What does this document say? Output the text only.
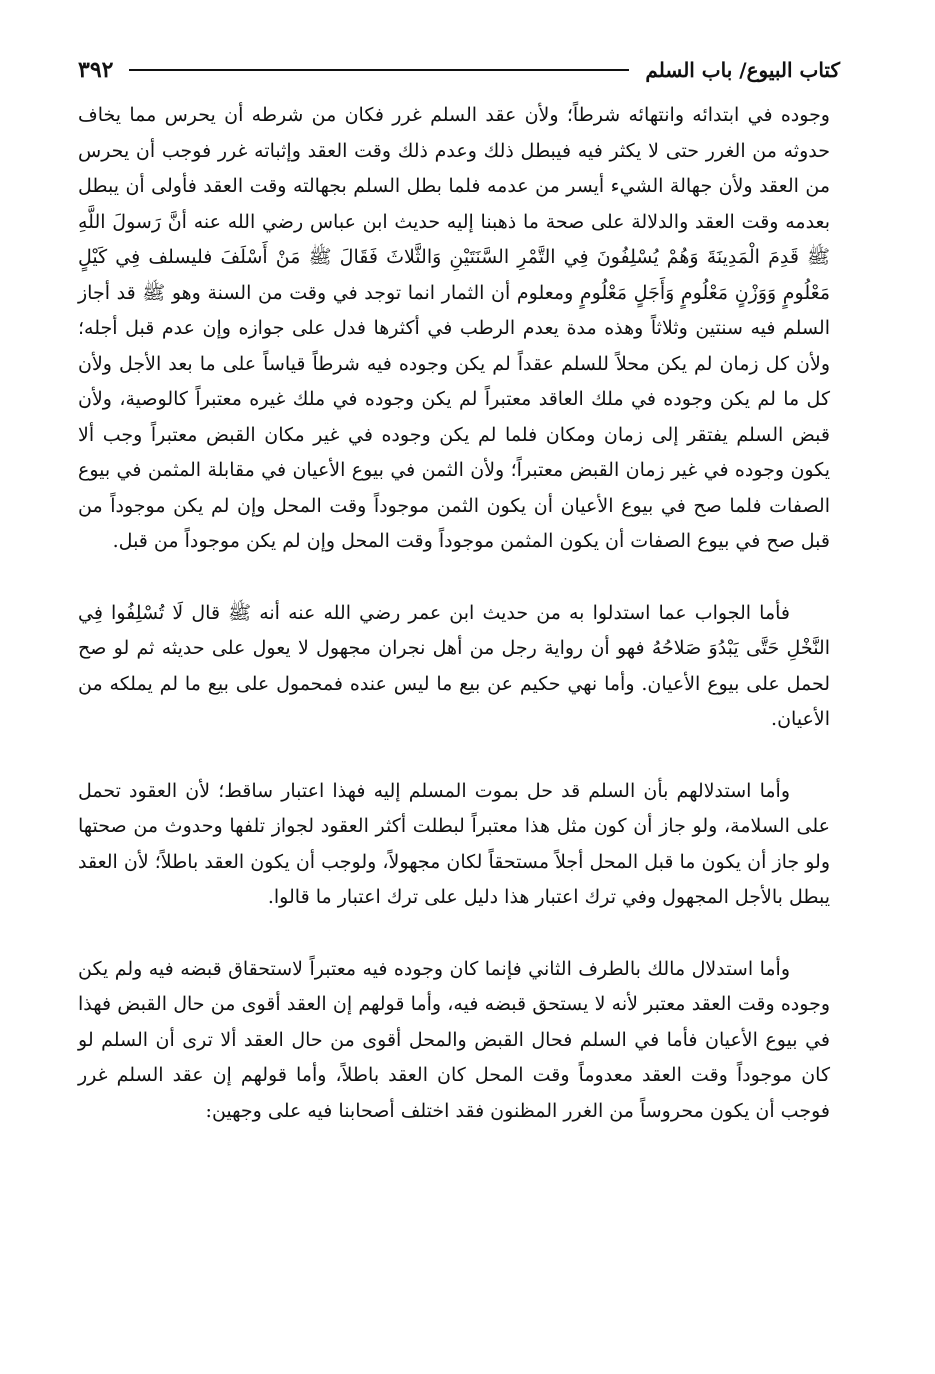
كتاب البيوع/ باب السلم
٣٩٢

وجوده في ابتدائه وانتهائه شرطاً؛ ولأن عقد السلم غرر فكان من شرطه أن يحرس مما يخاف حدوثه من الغرر حتى لا يكثر فيه فيبطل ذلك وعدم ذلك وقت العقد وإثباته غرر فوجب أن يحرس من العقد ولأن جهالة الشيء أيسر من عدمه فلما بطل السلم بجهالته وقت العقد فأولى أن يبطل بعدمه وقت العقد والدلالة على صحة ما ذهبنا إليه حديث ابن عباس رضي الله عنه أنَّ رَسولَ اللَّهِ ﷺ قَدِمَ الْمَدِينَةَ وَهُمْ يُسْلِفُونَ فِي التَّمْرِ السَّنَتَيْنِ وَالثَّلاثَ فَقَالَ ﷺ مَنْ أَسْلَفَ فليسلف فِي كَيْلٍ مَعْلُومٍ وَوَزْنٍ مَعْلُومٍ وَأَجَلٍ مَعْلُومٍ ومعلوم أن الثمار انما توجد في وقت من السنة وهو ﷺ قد أجاز السلم فيه سنتين وثلاثاً وهذه مدة يعدم الرطب في أكثرها فدل على جوازه وإن عدم قبل أجله؛ ولأن كل زمان لم يكن محلاً للسلم عقداً لم يكن وجوده فيه شرطاً قياساً على ما بعد الأجل ولأن كل ما لم يكن وجوده في ملك العاقد معتبراً لم يكن وجوده في ملك غيره معتبراً كالوصية، ولأن قبض السلم يفتقر إلى زمان ومكان فلما لم يكن وجوده في غير مكان القبض معتبراً وجب ألا يكون وجوده في غير زمان القبض معتبراً؛ ولأن الثمن في بيوع الأعيان في مقابلة المثمن في بيوع الصفات فلما صح في بيوع الأعيان أن يكون الثمن موجوداً وقت المحل وإن لم يكن موجوداً من قبل صح في بيوع الصفات أن يكون المثمن موجوداً وقت المحل وإن لم يكن موجوداً من قبل.

فأما الجواب عما استدلوا به من حديث ابن عمر رضي الله عنه أنه ﷺ قال لَا تُسْلِفُوا فِي النَّخْلِ حَتَّى يَبْدُوَ صَلاحُهُ فهو أن رواية رجل من أهل نجران مجهول لا يعول على حديثه ثم لو صح لحمل على بيوع الأعيان. وأما نهي حكيم عن بيع ما ليس عنده فمحمول على بيع ما لم يملكه من الأعيان.

وأما استدلالهم بأن السلم قد حل بموت المسلم إليه فهذا اعتبار ساقط؛ لأن العقود تحمل على السلامة، ولو جاز أن كون مثل هذا معتبراً لبطلت أكثر العقود لجواز تلفها وحدوث من صحتها ولو جاز أن يكون ما قبل المحل أجلاً مستحقاً لكان مجهولاً، ولوجب أن يكون العقد باطلاً؛ لأن العقد يبطل بالأجل المجهول وفي ترك اعتبار هذا دليل على ترك اعتبار ما قالوا.

وأما استدلال مالك بالطرف الثاني فإنما كان وجوده فيه معتبراً لاستحقاق قبضه فيه ولم يكن وجوده وقت العقد معتبر لأنه لا يستحق قبضه فيه، وأما قولهم إن العقد أقوى من حال القبض فهذا في بيوع الأعيان فأما في السلم فحال القبض والمحل أقوى من حال العقد ألا ترى أن السلم لو كان موجوداً وقت العقد معدوماً وقت المحل كان العقد باطلاً، وأما قولهم إن عقد السلم غرر فوجب أن يكون محروساً من الغرر المظنون فقد اختلف أصحابنا فيه على وجهين:
